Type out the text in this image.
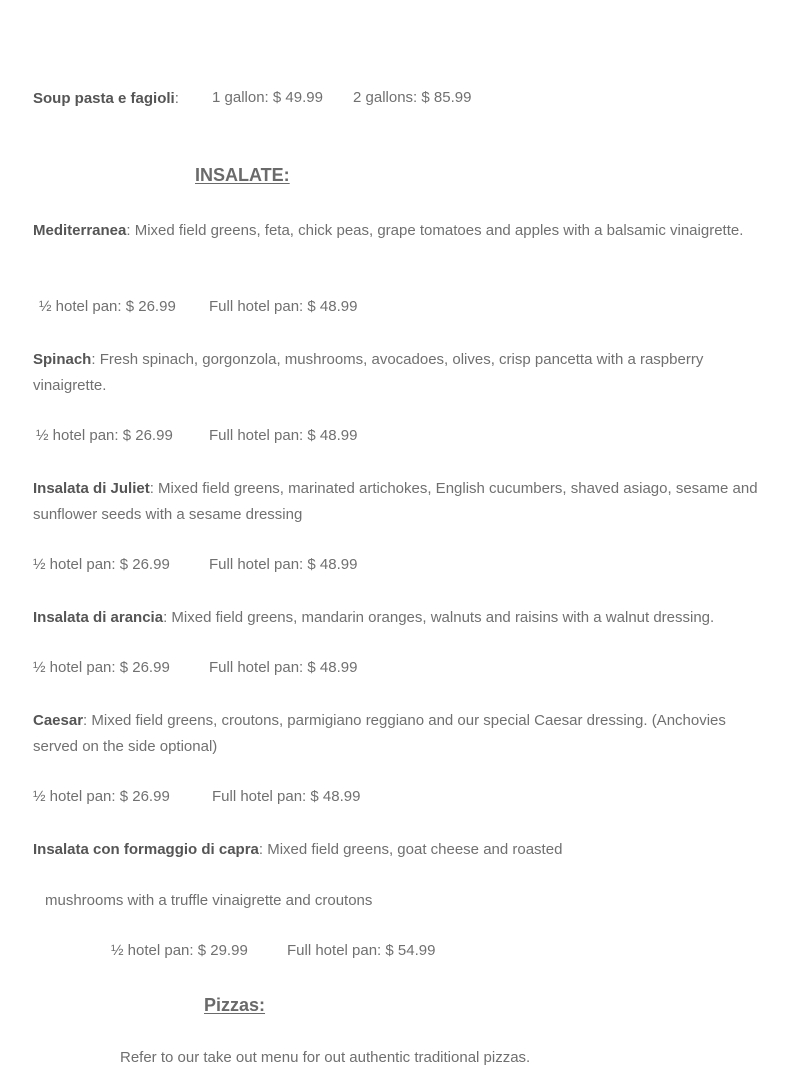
Soup pasta e fagioli: 1 gallon: $ 49.99 2 gallons: $ 85.99
INSALATE:
Mediterranea: Mixed field greens, feta, chick peas, grape tomatoes and apples with a balsamic vinaigrette.
½ hotel pan: $ 26.99 Full hotel pan: $ 48.99
Spinach: Fresh spinach, gorgonzola, mushrooms, avocadoes, olives, crisp pancetta with a raspberry vinaigrette.
½ hotel pan: $ 26.99 Full hotel pan: $ 48.99
Insalata di Juliet: Mixed field greens, marinated artichokes, English cucumbers, shaved asiago, sesame and sunflower seeds with a sesame dressing
½ hotel pan: $ 26.99	Full hotel pan: $ 48.99
Insalata di arancia: Mixed field greens, mandarin oranges, walnuts and raisins with a walnut dressing.
½ hotel pan: $ 26.99	Full hotel pan: $ 48.99
Caesar: Mixed field greens, croutons, parmigiano reggiano and our special Caesar dressing. (Anchovies served on the side optional)
½ hotel pan: $ 26.99	Full hotel pan: $ 48.99
Insalata con formaggio di capra: Mixed field greens, goat cheese and roasted
mushrooms with a truffle vinaigrette and croutons
½ hotel pan: $ 29.99	Full hotel pan: $ 54.99
Pizzas:
Refer to our take out menu for out authentic traditional pizzas.
